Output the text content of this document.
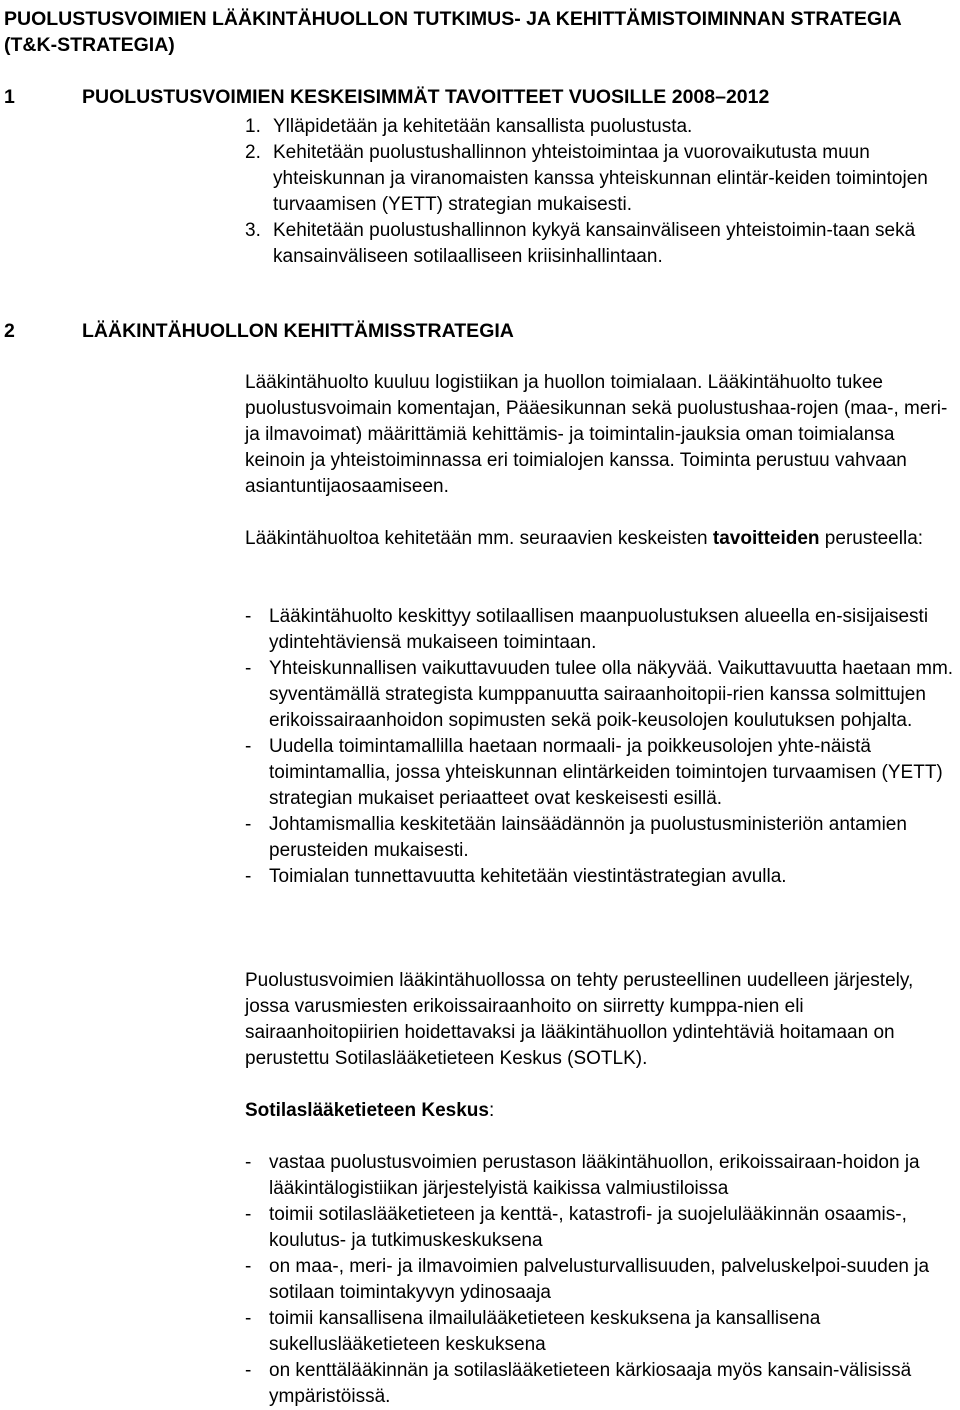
PUOLUSTUSVOIMIEN LÄÄKINTÄHUOLLON TUTKIMUS- JA KEHITTÄMISTOIMINNAN STRATEGIA (T&K-STRATEGIA)
1	PUOLUSTUSVOIMIEN KESKEISIMMÄT TAVOITTEET VUOSILLE 2008–2012
1. Ylläpidetään ja kehitetään kansallista puolustusta.
2. Kehitetään puolustushallinnon yhteistoimintaa ja vuorovaikutusta muun yhteiskunnan ja viranomaisten kanssa yhteiskunnan elintär-keiden toimintojen turvaamisen (YETT) strategian mukaisesti.
3. Kehitetään puolustushallinnon kykyä kansainväliseen yhteistoimin-taan sekä kansainväliseen sotilaalliseen kriisinhallintaan.
2	LÄÄKINTÄHUOLLON KEHITTÄMISSTRATEGIA

Lääkintähuolto kuuluu logistiikan ja huollon toimialaan. Lääkintähuolto tukee puolustusvoimain komentajan, Pääesikunnan sekä puolustushaa-rojen (maa-, meri- ja ilmavoimat) määrittämiä kehittämis- ja toimintalin-jauksia oman toimialansa keinoin ja yhteistoiminnassa eri toimialojen kanssa. Toiminta perustuu vahvaan asiantuntijaosaamiseen.

Lääkintähuoltoa kehitetään mm. seuraavien keskeisten tavoitteiden perusteella:

- Lääkintähuolto keskittyy sotilaallisen maanpuolustuksen alueella en-sisijaisesti ydintehtäviensä mukaiseen toimintaan.
- Yhteiskunnallisen vaikuttavuuden tulee olla näkyvää. Vaikuttavuutta haetaan mm. syventämällä strategista kumppanuutta sairaanhoitopii-rien kanssa solmittujen erikoissairaanhoidon sopimusten sekä poik-keusolojen koulutuksen pohjalta.
- Uudella toimintamallilla haetaan normaali- ja poikkeusolojen yhte-näistä toimintamallia, jossa yhteiskunnan elintärkeiden toimintojen turvaamisen (YETT) strategian mukaiset periaatteet ovat keskeisesti esillä.
- Johtamismallia keskitetään lainsäädännön ja puolustusministeriön antamien perusteiden mukaisesti.
- Toimialan tunnettavuutta kehitetään viestintästrategian avulla.

Puolustusvoimien lääkintähuollossa on tehty perusteellinen uudelleen järjestely, jossa varusmiesten erikoissairaanhoito on siirretty kumppa-nien eli sairaanhoitopiirien hoidettavaksi ja lääkintähuollon ydintehtäviä hoitamaan on perustettu Sotilaslääketieteen Keskus (SOTLK).

Sotilaslääketieteen Keskus:

- vastaa puolustusvoimien perustason lääkintähuollon, erikoissairaan-hoidon ja lääkintälogistiikan järjestelyistä kaikissa valmiustiloissa
- toimii sotilaslääketieteen ja kenttä-, katastrofi- ja suojelulääkinnän osaamis-, koulutus- ja tutkimuskeskuksena
- on maa-, meri- ja ilmavoimien palvelusturvallisuuden, palveluskelpoi-suuden ja sotilaan toimintakyvyn ydinosaaja
- toimii kansallisena ilmailulääketieteen keskuksena ja kansallisena sukelluslääketieteen keskuksena
- on kenttälääkinnän ja sotilaslääketieteen kärkiosaaja myös kansain-välisissä ympäristöissä.
